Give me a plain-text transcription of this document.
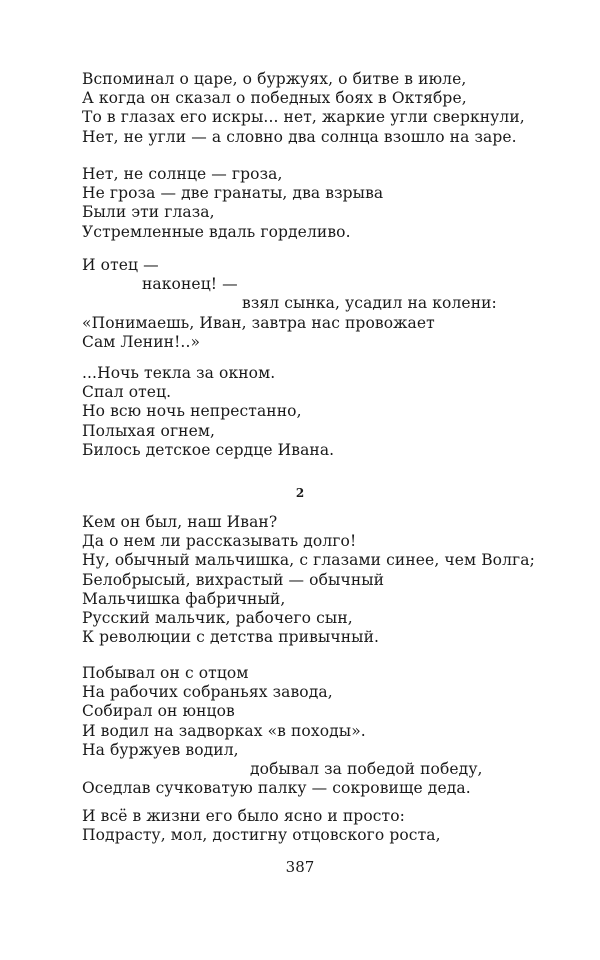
Вспоминал о царе, о буржуях, о битве в июле,
А когда он сказал о победных боях в Октябре,
То в глазах его искры... нет, жаркие угли сверкнули,
Нет, не угли — а словно два солнца взошло на заре.
Нет, не солнце — гроза,
Не гроза — две гранаты, два взрыва
Были эти глаза,
Устремленные вдаль горделиво.
И отец —
наконец! —
взял сынка, усадил на колени:
«Понимаешь, Иван, завтра нас провожает
Сам Ленин!..»
...Ночь текла за окном.
Спал отец.
Но всю ночь непрестанно,
Полыхая огнем,
Билось детское сердце Ивана.
2
Кем он был, наш Иван?
Да о нем ли рассказывать долго!
Ну, обычный мальчишка, с глазами синее, чем Волга;
Белобрысый, вихрастый — обычный
Мальчишка фабричный,
Русский мальчик, рабочего сын,
К революции с детства привычный.
Побывал он с отцом
На рабочих собраньях завода,
Собирал он юнцов
И водил на задворках «в походы».
На буржуев водил,
добывал за победой победу,
Оседлав сучковатую палку — сокровище деда.
И всё в жизни его было ясно и просто:
Подрасту, мол, достигну отцовского роста,
387
